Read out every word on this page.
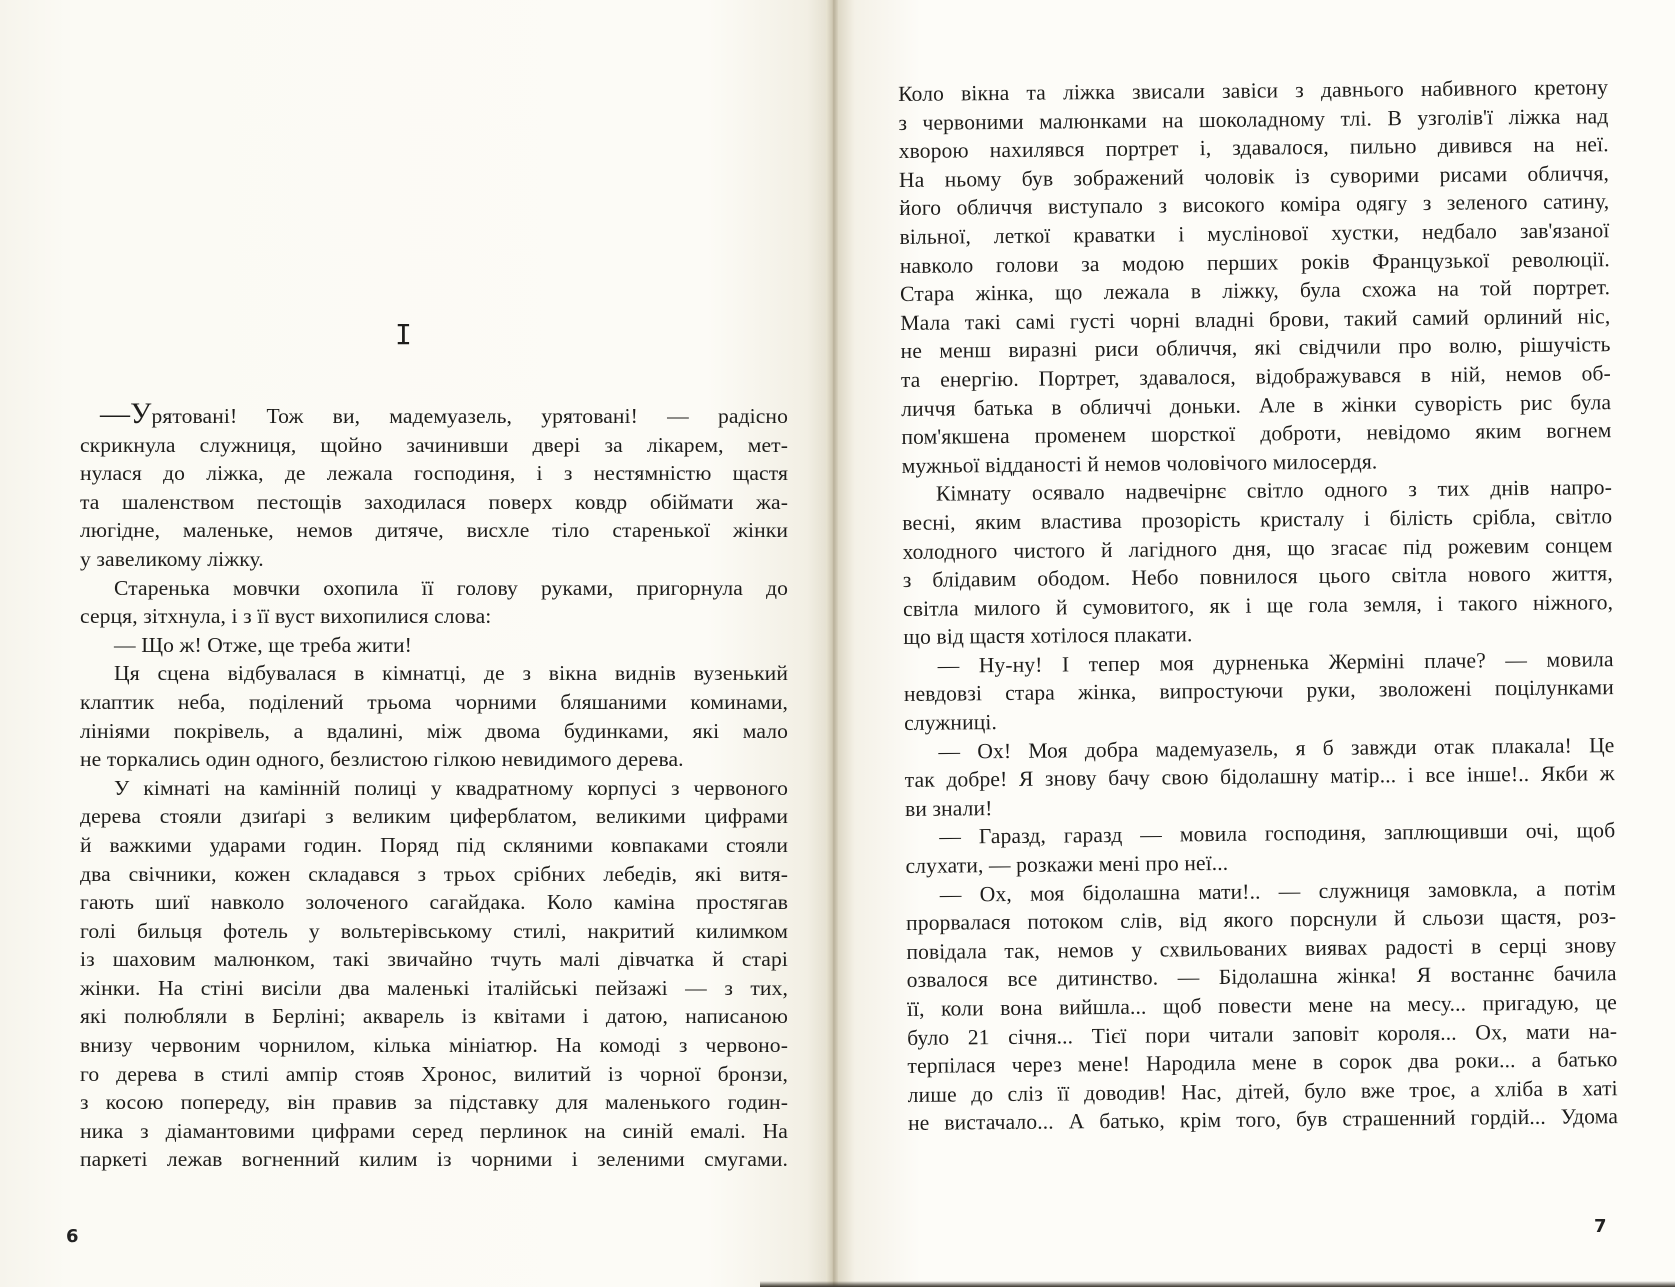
I
—Урятовані! Тож ви, мадемуазель, урятовані! — радісно
скрикнула служниця, щойно зачинивши двері за лікарем, мет-
нулася до ліжка, де лежала господиня, і з нестямністю щастя
та шаленством пестощів заходилася поверх ковдр обіймати жа-
люгідне, маленьке, немов дитяче, висхле тіло старенької жінки
у завеликому ліжку.
Старенька мовчки охопила її голову руками, пригорнула до
серця, зітхнула, і з її вуст вихопилися слова:
— Що ж! Отже, ще треба жити!
Ця сцена відбувалася в кімнатці, де з вікна виднів вузенький
клаптик неба, поділений трьома чорними бляшаними коминами,
лініями покрівель, а вдалині, між двома будинками, які мало
не торкались один одного, безлистою гілкою невидимого дерева.
У кімнаті на камінній полиці у квадратному корпусі з червоного
дерева стояли дзиґарі з великим циферблатом, великими цифрами
й важкими ударами годин. Поряд під скляними ковпаками стояли
два свічники, кожен складався з трьох срібних лебедів, які витя-
гають шиї навколо золоченого сагайдака. Коло каміна простягав
голі бильця фотель у вольтерівському стилі, накритий килимком
із шаховим малюнком, такі звичайно тчуть малі дівчатка й старі
жінки. На стіні висіли два маленькі італійські пейзажі — з тих,
які полюбляли в Берліні; акварель із квітами і датою, написаною
внизу червоним чорнилом, кілька мініатюр. На комоді з червоно-
го дерева в стилі ампір стояв Хронос, вилитий із чорної бронзи,
з косою попереду, він правив за підставку для маленького годин-
ника з діамантовими цифрами серед перлинок на синій емалі. На
паркеті лежав вогненний килим із чорними і зеленими смугами.
6
Коло вікна та ліжка звисали завіси з давнього набивного кретону
з червоними малюнками на шоколадному тлі. В узголів'ї ліжка над
хворою нахилявся портрет і, здавалося, пильно дивився на неї.
На ньому був зображений чоловік із суворими рисами обличчя,
його обличчя виступало з високого коміра одягу з зеленого сатину,
вільної, леткої краватки і муслінової хустки, недбало зав'язаної
навколо голови за модою перших років Французької революції.
Стара жінка, що лежала в ліжку, була схожа на той портрет.
Мала такі самі густі чорні владні брови, такий самий орлиний ніс,
не менш виразні риси обличчя, які свідчили про волю, рішучість
та енергію. Портрет, здавалося, відображувався в ній, немов об-
личчя батька в обличчі доньки. Але в жінки суворість рис була
пом'якшена променем шорсткої доброти, невідомо яким вогнем
мужньої відданості й немов чоловічого милосердя.
Кімнату осявало надвечірнє світло одного з тих днів напро-
весні, яким властива прозорість кристалу і білість срібла, світло
холодного чистого й лагідного дня, що згасає під рожевим сонцем
з блідавим ободом. Небо повнилося цього світла нового життя,
світла милого й сумовитого, як і ще гола земля, і такого ніжного,
що від щастя хотілося плакати.
— Ну-ну! І тепер моя дурненька Жерміні плаче? — мовила
невдовзі стара жінка, випростуючи руки, зволожені поцілунками
служниці.
— Ох! Моя добра мадемуазель, я б завжди отак плакала! Це
так добре! Я знову бачу свою бідолашну матір... і все інше!.. Якби ж
ви знали!
— Гаразд, гаразд — мовила господиня, заплющивши очі, щоб
слухати, — розкажи мені про неї...
— Ох, моя бідолашна мати!.. — служниця замовкла, а потім
прорвалася потоком слів, від якого порснули й сльози щастя, роз-
повідала так, немов у схвильованих виявах радості в серці знову
озвалося все дитинство. — Бідолашна жінка! Я востаннє бачила
її, коли вона вийшла... щоб повести мене на месу... пригадую, це
було 21 січня... Тієї пори читали заповіт короля... Ох, мати на-
терпілася через мене! Народила мене в сорок два роки... а батько
лише до сліз її доводив! Нас, дітей, було вже троє, а хліба в хаті
не вистачало... А батько, крім того, був страшенний гордій... Удома
7
